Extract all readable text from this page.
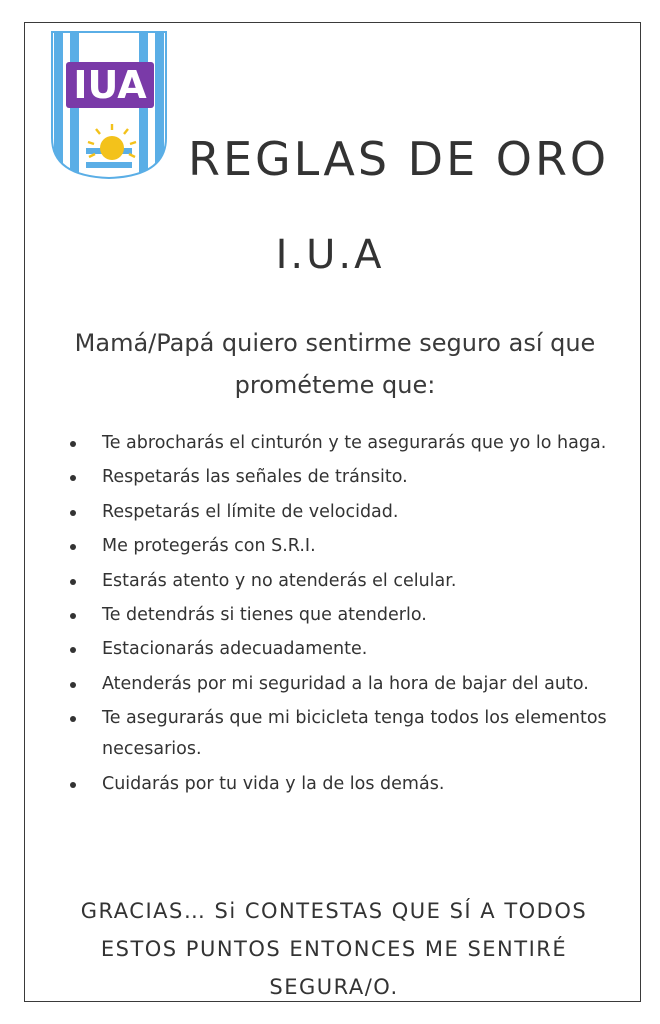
IUA
REGLAS DE ORO
I.U.A
Mamá/Papá quiero sentirme seguro así que
prométeme que:
Te abrocharás el cinturón y te asegurarás que yo lo haga.
Respetarás las señales de tránsito.
Respetarás el límite de velocidad.
Me protegerás con S.R.I.
Estarás atento y no atenderás el celular.
Te detendrás si tienes que atenderlo.
Estacionarás adecuadamente.
Atenderás por mi seguridad a la hora de bajar del auto.
Te asegurarás que mi bicicleta tenga todos los elementos necesarios.
Cuidarás por tu vida y la de los demás.
GRACIAS… Si CONTESTAS QUE SÍ A TODOS
ESTOS PUNTOS ENTONCES ME SENTIRÉ
SEGURA/O.
